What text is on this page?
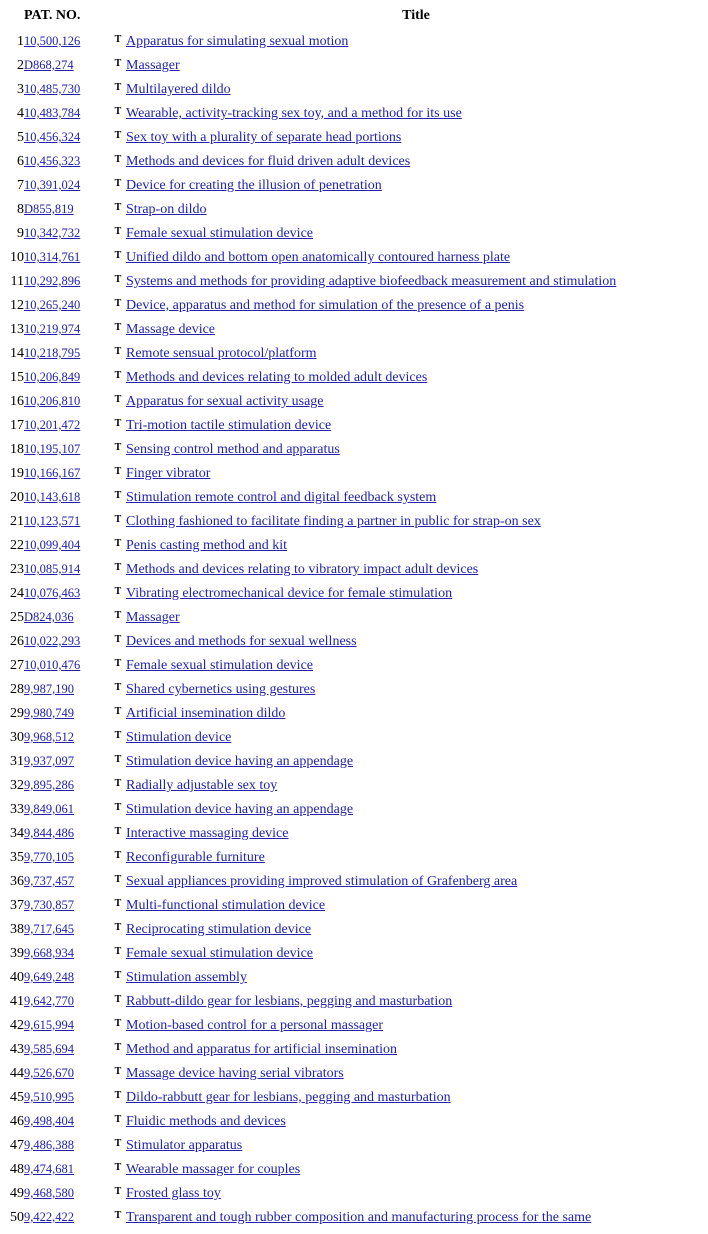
	PAT. NO.		Title
1	10,500,126	$^T$	Apparatus for simulating sexual motion
2	D868,274	$^T$	Massager
3	10,485,730	$^T$	Multilayered dildo
4	10,483,784	$^T$	Wearable, activity-tracking sex toy, and a method for its use
5	10,456,324	$^T$	Sex toy with a plurality of separate head portions
6	10,456,323	$^T$	Methods and devices for fluid driven adult devices
7	10,391,024	$^T$	Device for creating the illusion of penetration
8	D855,819	$^T$	Strap-on dildo
9	10,342,732	$^T$	Female sexual stimulation device
10	10,314,761	$^T$	Unified dildo and bottom open anatomically contoured harness plate
11	10,292,896	$^T$	Systems and methods for providing adaptive biofeedback measurement and stimulation
12	10,265,240	$^T$	Device, apparatus and method for simulation of the presence of a penis
13	10,219,974	$^T$	Massage device
14	10,218,795	$^T$	Remote sensual protocol/platform
15	10,206,849	$^T$	Methods and devices relating to molded adult devices
16	10,206,810	$^T$	Apparatus for sexual activity usage
17	10,201,472	$^T$	Tri-motion tactile stimulation device
18	10,195,107	$^T$	Sensing control method and apparatus
19	10,166,167	$^T$	Finger vibrator
20	10,143,618	$^T$	Stimulation remote control and digital feedback system
21	10,123,571	$^T$	Clothing fashioned to facilitate finding a partner in public for strap-on sex
22	10,099,404	$^T$	Penis casting method and kit
23	10,085,914	$^T$	Methods and devices relating to vibratory impact adult devices
24	10,076,463	$^T$	Vibrating electromechanical device for female stimulation
25	D824,036	$^T$	Massager
26	10,022,293	$^T$	Devices and methods for sexual wellness
27	10,010,476	$^T$	Female sexual stimulation device
28	9,987,190	$^T$	Shared cybernetics using gestures
29	9,980,749	$^T$	Artificial insemination dildo
30	9,968,512	$^T$	Stimulation device
31	9,937,097	$^T$	Stimulation device having an appendage
32	9,895,286	$^T$	Radially adjustable sex toy
33	9,849,061	$^T$	Stimulation device having an appendage
34	9,844,486	$^T$	Interactive massaging device
35	9,770,105	$^T$	Reconfigurable furniture
36	9,737,457	$^T$	Sexual appliances providing improved stimulation of Grafenberg area
37	9,730,857	$^T$	Multi-functional stimulation device
38	9,717,645	$^T$	Reciprocating stimulation device
39	9,668,934	$^T$	Female sexual stimulation device
40	9,649,248	$^T$	Stimulation assembly
41	9,642,770	$^T$	Rabbutt-dildo gear for lesbians, pegging and masturbation
42	9,615,994	$^T$	Motion-based control for a personal massager
43	9,585,694	$^T$	Method and apparatus for artificial insemination
44	9,526,670	$^T$	Massage device having serial vibrators
45	9,510,995	$^T$	Dildo-rabbutt gear for lesbians, pegging and masturbation
46	9,498,404	$^T$	Fluidic methods and devices
47	9,486,388	$^T$	Stimulator apparatus
48	9,474,681	$^T$	Wearable massager for couples
49	9,468,580	$^T$	Frosted glass toy
50	9,422,422	$^T$	Transparent and tough rubber composition and manufacturing process for the same
